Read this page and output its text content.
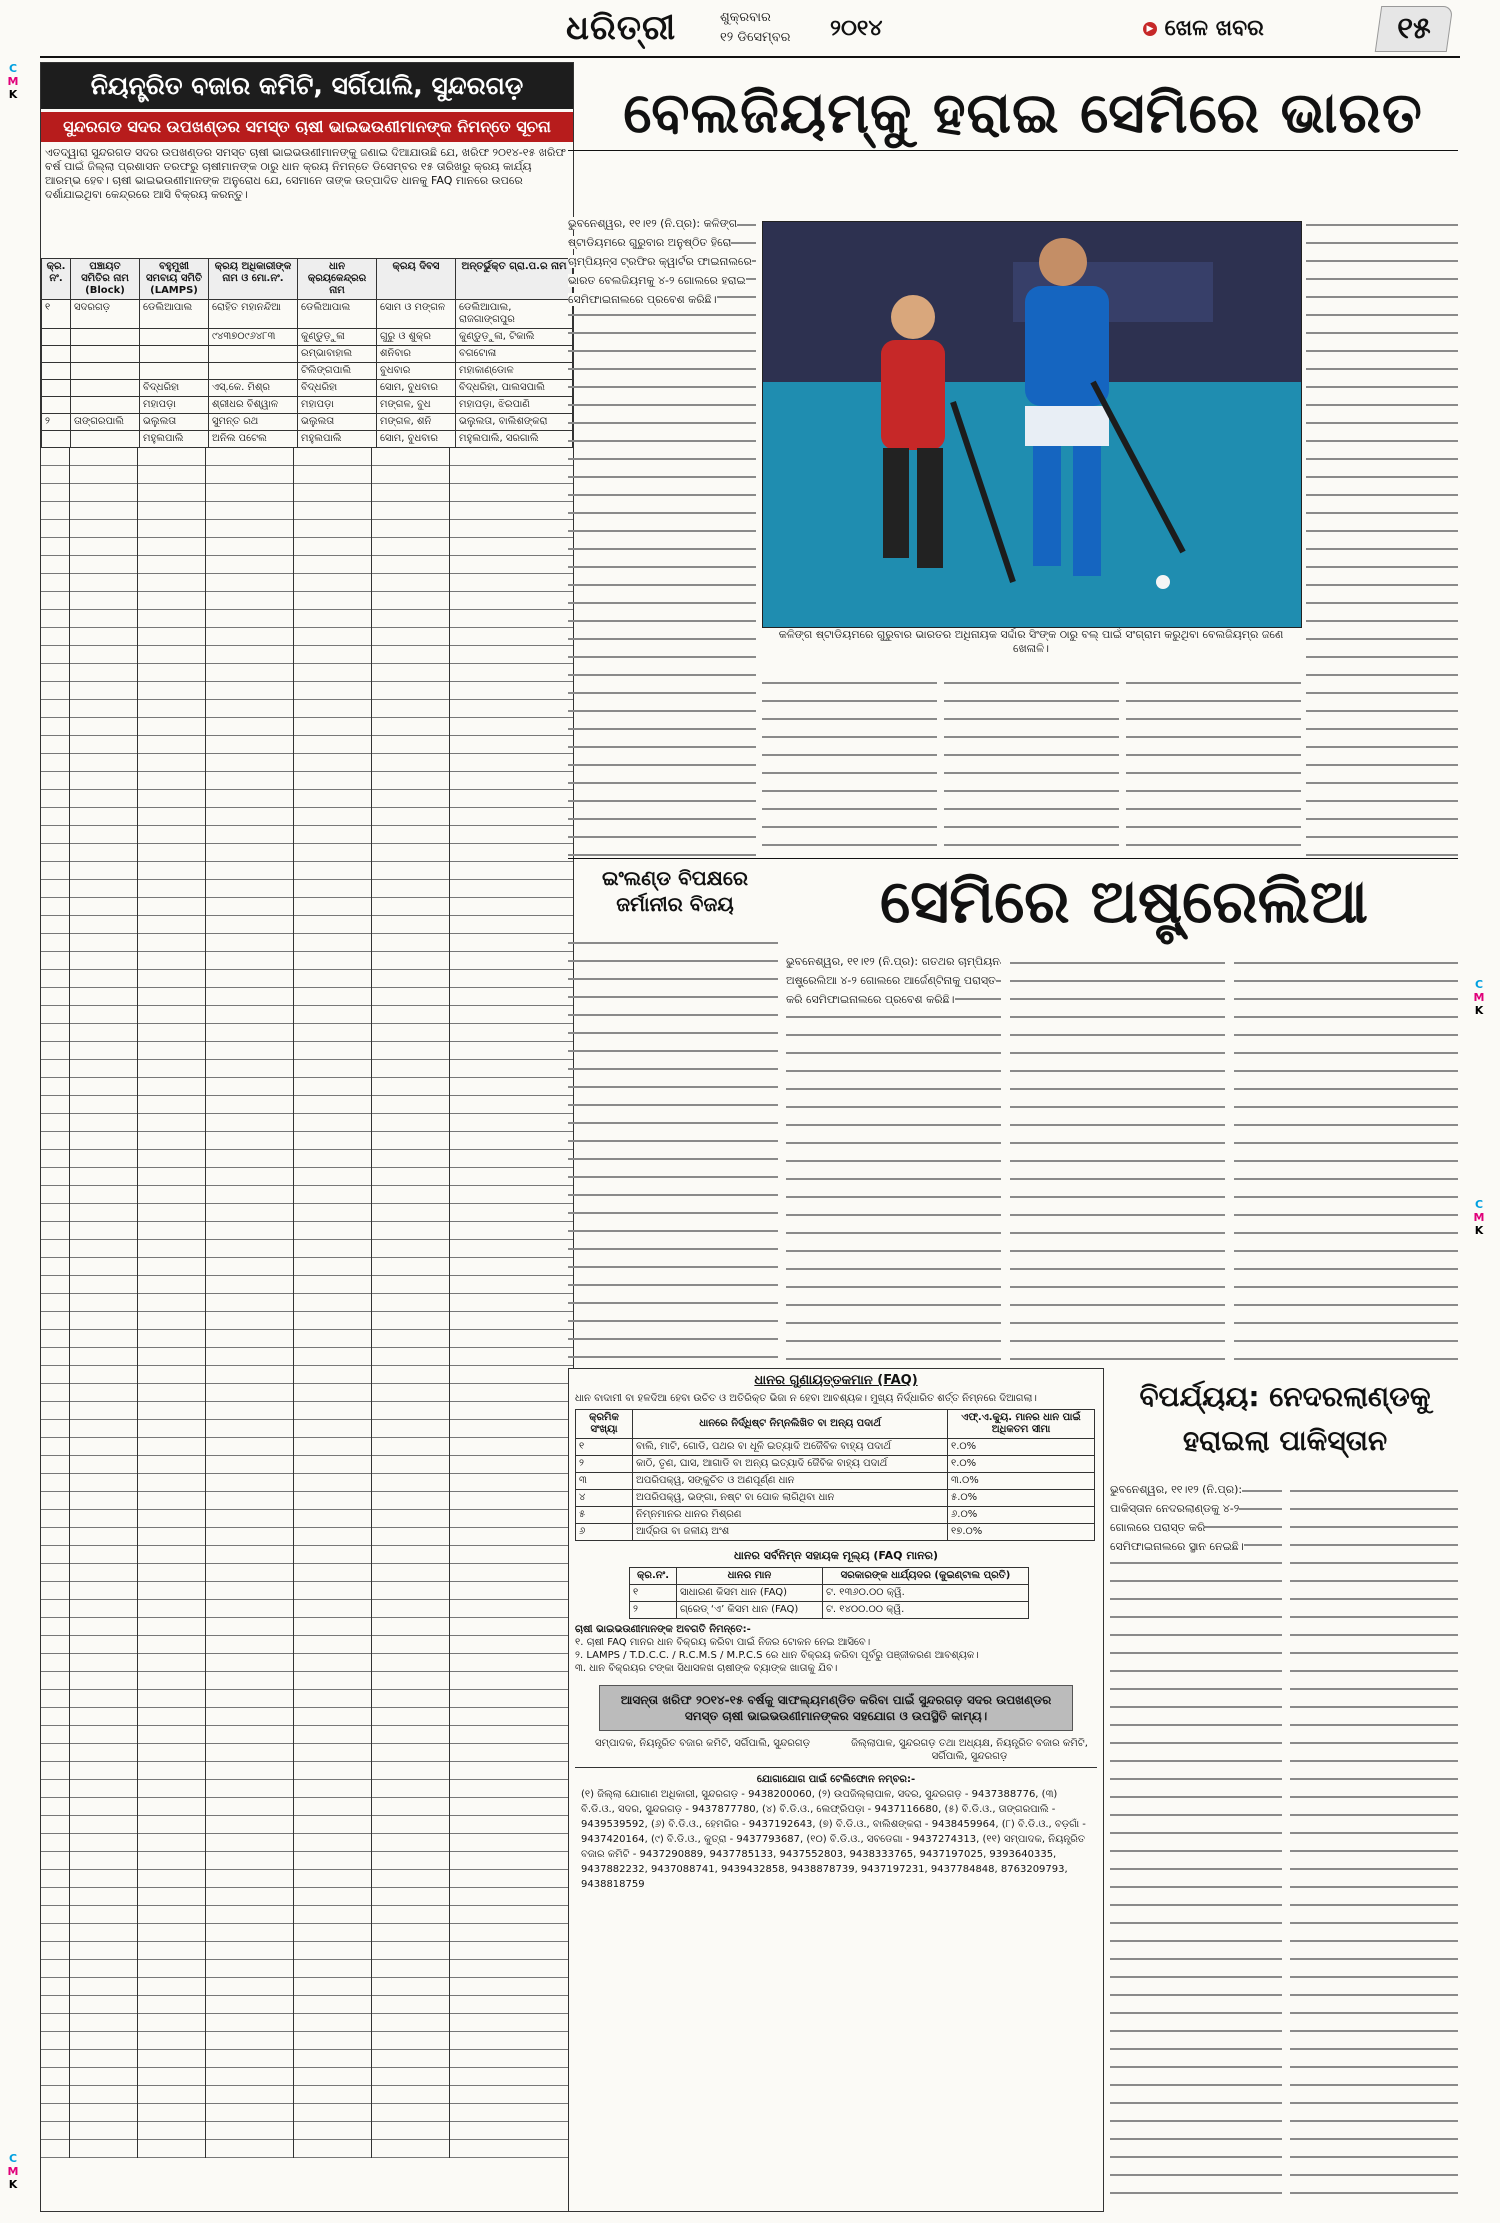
C
M
K
C
M
K
C
M
K
C
M
K
ଧରିତ୍ରୀ	ଶୁକ୍ରବାର
୧୨ ଡିସେମ୍ବର ୨୦୧୪	▶ ଖେଳ ଖବର	୧୫
ନିୟନ୍ତ୍ରିତ ବଜାର କମିଟି, ସର୍ଗିପାଲି, ସୁନ୍ଦରଗଡ଼
ସୁନ୍ଦରଗଡ ସଦର ଉପଖଣ୍ଡର ସମସ୍ତ ଚାଷୀ ଭାଇଭଉଣୀମାନଙ୍କ ନିମନ୍ତେ ସୂଚନା
ଏତଦ୍ୱାରା ସୁନ୍ଦରଗଡ ସଦର ଉପଖଣ୍ଡର ସମସ୍ତ ଚାଷୀ ଭାଇଭଉଣୀମାନଙ୍କୁ ଜଣାଇ ଦିଆଯାଉଛି ଯେ, ଖରିଫ ୨୦୧୪-୧୫ ଖରିଫ ବର୍ଷ ପାଇଁ ଜିଲ୍ଲା ପ୍ରଶାସନ ତରଫରୁ ଚାଷୀମାନଙ୍କ ଠାରୁ ଧାନ କ୍ରୟ ନିମନ୍ତେ ଡିସେମ୍ବର ୧୫ ତାରିଖରୁ କ୍ରୟ କାର୍ଯ୍ୟ ଆରମ୍ଭ ହେବ। ଚାଷୀ ଭାଇଭଉଣୀମାନଙ୍କ ଅନୁରୋଧ ଯେ, ସେମାନେ ତାଙ୍କ ଉତ୍ପାଦିତ ଧାନକୁ FAQ ମାନରେ ଉପରେ ଦର୍ଶାଯାଇଥିବା କେନ୍ଦ୍ରରେ ଆସି ବିକ୍ରୟ କରନ୍ତୁ।
କ୍ର. ନଂ.	ପଞ୍ଚାୟତ ସମିତିର ନାମ (Block)	ବହୁମୁଖୀ ସମବାୟ ସମିତି (LAMPS)	କ୍ରୟ ଅଧିକାରୀଙ୍କ ନାମ ଓ ମୋ.ନଂ.	ଧାନ କ୍ରୟକେନ୍ଦ୍ରର ନାମ	କ୍ରୟ ଦିବସ	ଅନ୍ତର୍ଭୁକ୍ତ ଗ୍ରା.ପ.ର ନାମ
୧	ସଦରଗଡ଼	ଡେଲିଆପାଲ	ରୋହିତ ମହାନନ୍ଦିଆ	ଡେଲିଆପାଲ	ସୋମ ଓ ମଙ୍ଗଳ	ଡେଲିଆପାଲ, ରାଜଗାଙ୍ଗପୁର
			୯୪୩୭୦୯୬୪୮୩	କୁଣ୍ଡୁଡ଼ୁଳା	ଗୁରୁ ଓ ଶୁକ୍ର	କୁଣ୍ଡୁଡ଼ୁଳା, ଟିକାଲି
				ରମ୍ଭାବାହାଲ	ଶନିବାର	ବଗଟୋଳା
				ଟିଲିଙ୍ଗପାଲି	ବୁଧବାର	ମହାକାଣ୍ଡୋଳ
		ବିଦ୍ଧରିହା	ଏସ୍.କେ. ମିଶ୍ର	ବିଦ୍ଧରିହା	ସୋମ, ବୁଧବାର	ବିଦ୍ଧରିହା, ପାଲସପାଲି
		ମହାପଡ଼ା	ଶ୍ରୀଧର ବିଶ୍ୱାଳ	ମହାପଡ଼ା	ମଙ୍ଗଳ, ବୁଧ	ମହାପଡ଼ା, ଝିରପାଣି
୨	ତାଙ୍ଗରପାଲି	ଭଲୁଲତା	ସୁମନ୍ତ ରଥ	ଭଲୁଲତା	ମଙ୍ଗଳ, ଶନି	ଭଲୁଲତା, ବାଲିଶଙ୍କରା
		ମହୁଲପାଲି	ଅନିଲ ପଟେଲ	ମହୁଲପାଲି	ସୋମ, ବୁଧବାର	ମହୁଲପାଲି, ସରଗାଲି
ବେଲଜିୟମ୍‌କୁ ହରାଇ ସେମିରେ ଭାରତ
ଭୁବନେଶ୍ୱର, ୧୧।୧୨ (ନି.ପ୍ର): କଳିଙ୍ଗ ଷ୍ଟାଡିୟମରେ ଗୁରୁବାର ଅନୁଷ୍ଠିତ ହିରୋ ଚାମ୍ପିୟନ୍ସ ଟ୍ରଫିର କ୍ୱାର୍ଟର ଫାଇନାଲରେ ଭାରତ ବେଲଜିୟମକୁ ୪-୨ ଗୋଲରେ ହରାଇ ସେମିଫାଇନାଲରେ ପ୍ରବେଶ କରିଛି।
କଳିଙ୍ଗ ଷ୍ଟାଡିୟମରେ ଗୁରୁବାର ଭାରତର ଅଧିନାୟକ ସର୍ଦ୍ଦାର ସିଂଙ୍କ ଠାରୁ ବଲ୍ ପାଇଁ ସଂଗ୍ରାମ କରୁଥିବା ବେଲଜିୟମ୍‌ର ଜଣେ ଖେଳାଳି।
ଇଂଲଣ୍ଡ ବିପକ୍ଷରେ ଜର୍ମାନୀର ବିଜୟ	ସେମିରେ ଅଷ୍ଟ୍ରେଲିଆ
ଭୁବନେଶ୍ୱର, ୧୧।୧୨ (ନି.ପ୍ର): ଗତଥର ଚାମ୍ପିୟନ ଅଷ୍ଟ୍ରେଲିଆ ୪-୨ ଗୋଲରେ ଆର୍ଜେଣ୍ଟିନାକୁ ପରାସ୍ତ କରି ସେମିଫାଇନାଲରେ ପ୍ରବେଶ କରିଛି।
ଧାନର ଗୁଣାୟତ୍ତକମାନ (FAQ)
ଧାନ ବାଦାମୀ ବା ହଳଦିଆ ହେବା ଉଚିତ ଓ ଅତିରିକ୍ତ ଭିଜା ନ ହେବା ଆବଶ୍ୟକ। ମୁଖ୍ୟ ନିର୍ଦ୍ଧାରିତ ଶର୍ତ୍ତ ନିମ୍ନରେ ଦିଆଗଲା।
କ୍ରମିକ ସଂଖ୍ୟା	ଧାନରେ ନିର୍ଦ୍ଧିଷ୍ଟ ନିମ୍ନଲିଖିତ ବା ଅନ୍ୟ ପଦାର୍ଥ	ଏଫ୍.ଏ.କ୍ୟୁ. ମାନର ଧାନ ପାଇଁ ଅଧିକତମ ସୀମା
୧	ବାଲି, ମାଟି, ଗୋଡି, ପଥର ବା ଧୂଳି ଇତ୍ୟାଦି ଅଜୈବିକ ବାହ୍ୟ ପଦାର୍ଥ	୧.୦%
୨	କାଠି, ତୃଣ, ଘାସ, ଆଗାଡି ବା ଅନ୍ୟ ଇତ୍ୟାଦି ଜୈବିକ ବାହ୍ୟ ପଦାର୍ଥ	୧.୦%
୩	ଅପରିପକ୍ୱ, ସଙ୍କୁଚିତ ଓ ଅଣପୂର୍ଣ୍ଣ ଧାନ	୩.୦%
୪	ଅପରିପକ୍ୱ, ଭଙ୍ଗା, ନଷ୍ଟ ବା ପୋକ ଲାଗିଥିବା ଧାନ	୫.୦%
୫	ନିମ୍ନମାନର ଧାନର ମିଶ୍ରଣ	୬.୦%
୬	ଆର୍ଦ୍ରତା ବା ଜଳୀୟ ଅଂଶ	୧୭.୦%
ଧାନର ସର୍ବନିମ୍ନ ସହାୟକ ମୂଲ୍ୟ (FAQ ମାନର)
କ୍ର.ନଂ.	ଧାନର ମାନ	ସରକାରଙ୍କ ଧାର୍ଯ୍ୟଦର (କୁଇଣ୍ଟାଲ ପ୍ରତି)
୧	ସାଧାରଣ କିସମ ଧାନ (FAQ)	ଟ. ୧୩୬୦.୦୦ କ୍ୱି.
୨	ଗ୍ରେଡ୍ ‘ଏ’ କିସମ ଧାନ (FAQ)	ଟ. ୧୪୦୦.୦୦ କ୍ୱି.
ଚାଷୀ ଭାଇଭଉଣୀମାନଙ୍କ ଅବଗତି ନିମନ୍ତେ:-
୧. ଚାଷୀ FAQ ମାନର ଧାନ ବିକ୍ରୟ କରିବା ପାଇଁ ନିଜର ଟୋକନ ନେଇ ଆସିବେ।
୨. LAMPS / T.D.C.C. / R.C.M.S / M.P.C.S ରେ ଧାନ ବିକ୍ରୟ କରିବା ପୂର୍ବରୁ ପଞ୍ଜୀକରଣ ଆବଶ୍ୟକ।
୩. ଧାନ ବିକ୍ରୟର ଟଙ୍କା ସିଧାସଳଖ ଚାଷୀଙ୍କ ବ୍ୟାଙ୍କ ଖାତାକୁ ଯିବ।
ଆସନ୍ତା ଖରିଫ ୨୦୧୪-୧୫ ବର୍ଷକୁ ସାଫଲ୍ୟମଣ୍ଡିତ କରିବା ପାଇଁ ସୁନ୍ଦରଗଡ଼ ସଦର ଉପଖଣ୍ଡର ସମସ୍ତ ଚାଷୀ ଭାଇଭଉଣୀମାନଙ୍କର ସହଯୋଗ ଓ ଉପସ୍ଥିତି କାମ୍ୟ।
ସମ୍ପାଦକ, ନିୟନ୍ତ୍ରିତ ବଜାର କମିଟି, ସର୍ଗିପାଲି, ସୁନ୍ଦରଗଡ଼	ଜିଲ୍ଲାପାଳ, ସୁନ୍ଦରଗଡ଼ ତଥା ଅଧ୍ୟକ୍ଷ, ନିୟନ୍ତ୍ରିତ ବଜାର କମିଟି, ସର୍ଗିପାଲି, ସୁନ୍ଦରଗଡ଼
ଯୋଗାଯୋଗ ପାଇଁ ଟେଲିଫୋନ ନମ୍ବର:-
(୧) ଜିଲ୍ଲା ଯୋଗାଣ ଅଧିକାରୀ, ସୁନ୍ଦରଗଡ଼ - 9438200060, (୨) ଉପଜିଲ୍ଲାପାଳ, ସଦର, ସୁନ୍ଦରଗଡ଼ - 9437388776, (୩) ବି.ଡି.ଓ., ସଦର, ସୁନ୍ଦରଗଡ଼ - 9437877780, (୪) ବି.ଡି.ଓ., ଲେଫ୍ରିପଡ଼ା - 9437116680, (୫) ବି.ଡି.ଓ., ତାଙ୍ଗରପାଲି - 9439539592, (୬) ବି.ଡି.ଓ., ହେମଗିର - 9437192643, (୭) ବି.ଡି.ଓ., ବାଲିଶଙ୍କରା - 9438459964, (୮) ବି.ଡି.ଓ., ବଡ଼ଗାଁ - 9437420164, (୯) ବି.ଡି.ଓ., କୁତ୍ରା - 9437793687, (୧୦) ବି.ଡି.ଓ., ସବଡେଗା - 9437274313, (୧୧) ସମ୍ପାଦକ, ନିୟନ୍ତ୍ରିତ ବଜାର କମିଟି - 9437290889, 9437785133, 9437552803, 9438333765, 9437197025, 9393640335, 9437882232, 9437088741, 9439432858, 9438878739, 9437197231, 9437784848, 8763209793, 9438818759
ବିପର୍ଯ୍ୟୟ: ନେଦରଲାଣ୍ଡକୁ ହରାଇଲା ପାକିସ୍ତାନ
ଭୁବନେଶ୍ୱର, ୧୧।୧୨ (ନି.ପ୍ର): ପାକିସ୍ତାନ ନେଦରଲାଣ୍ଡକୁ ୪-୨ ଗୋଲରେ ପରାସ୍ତ କରି ସେମିଫାଇନାଲରେ ସ୍ଥାନ ନେଇଛି।
